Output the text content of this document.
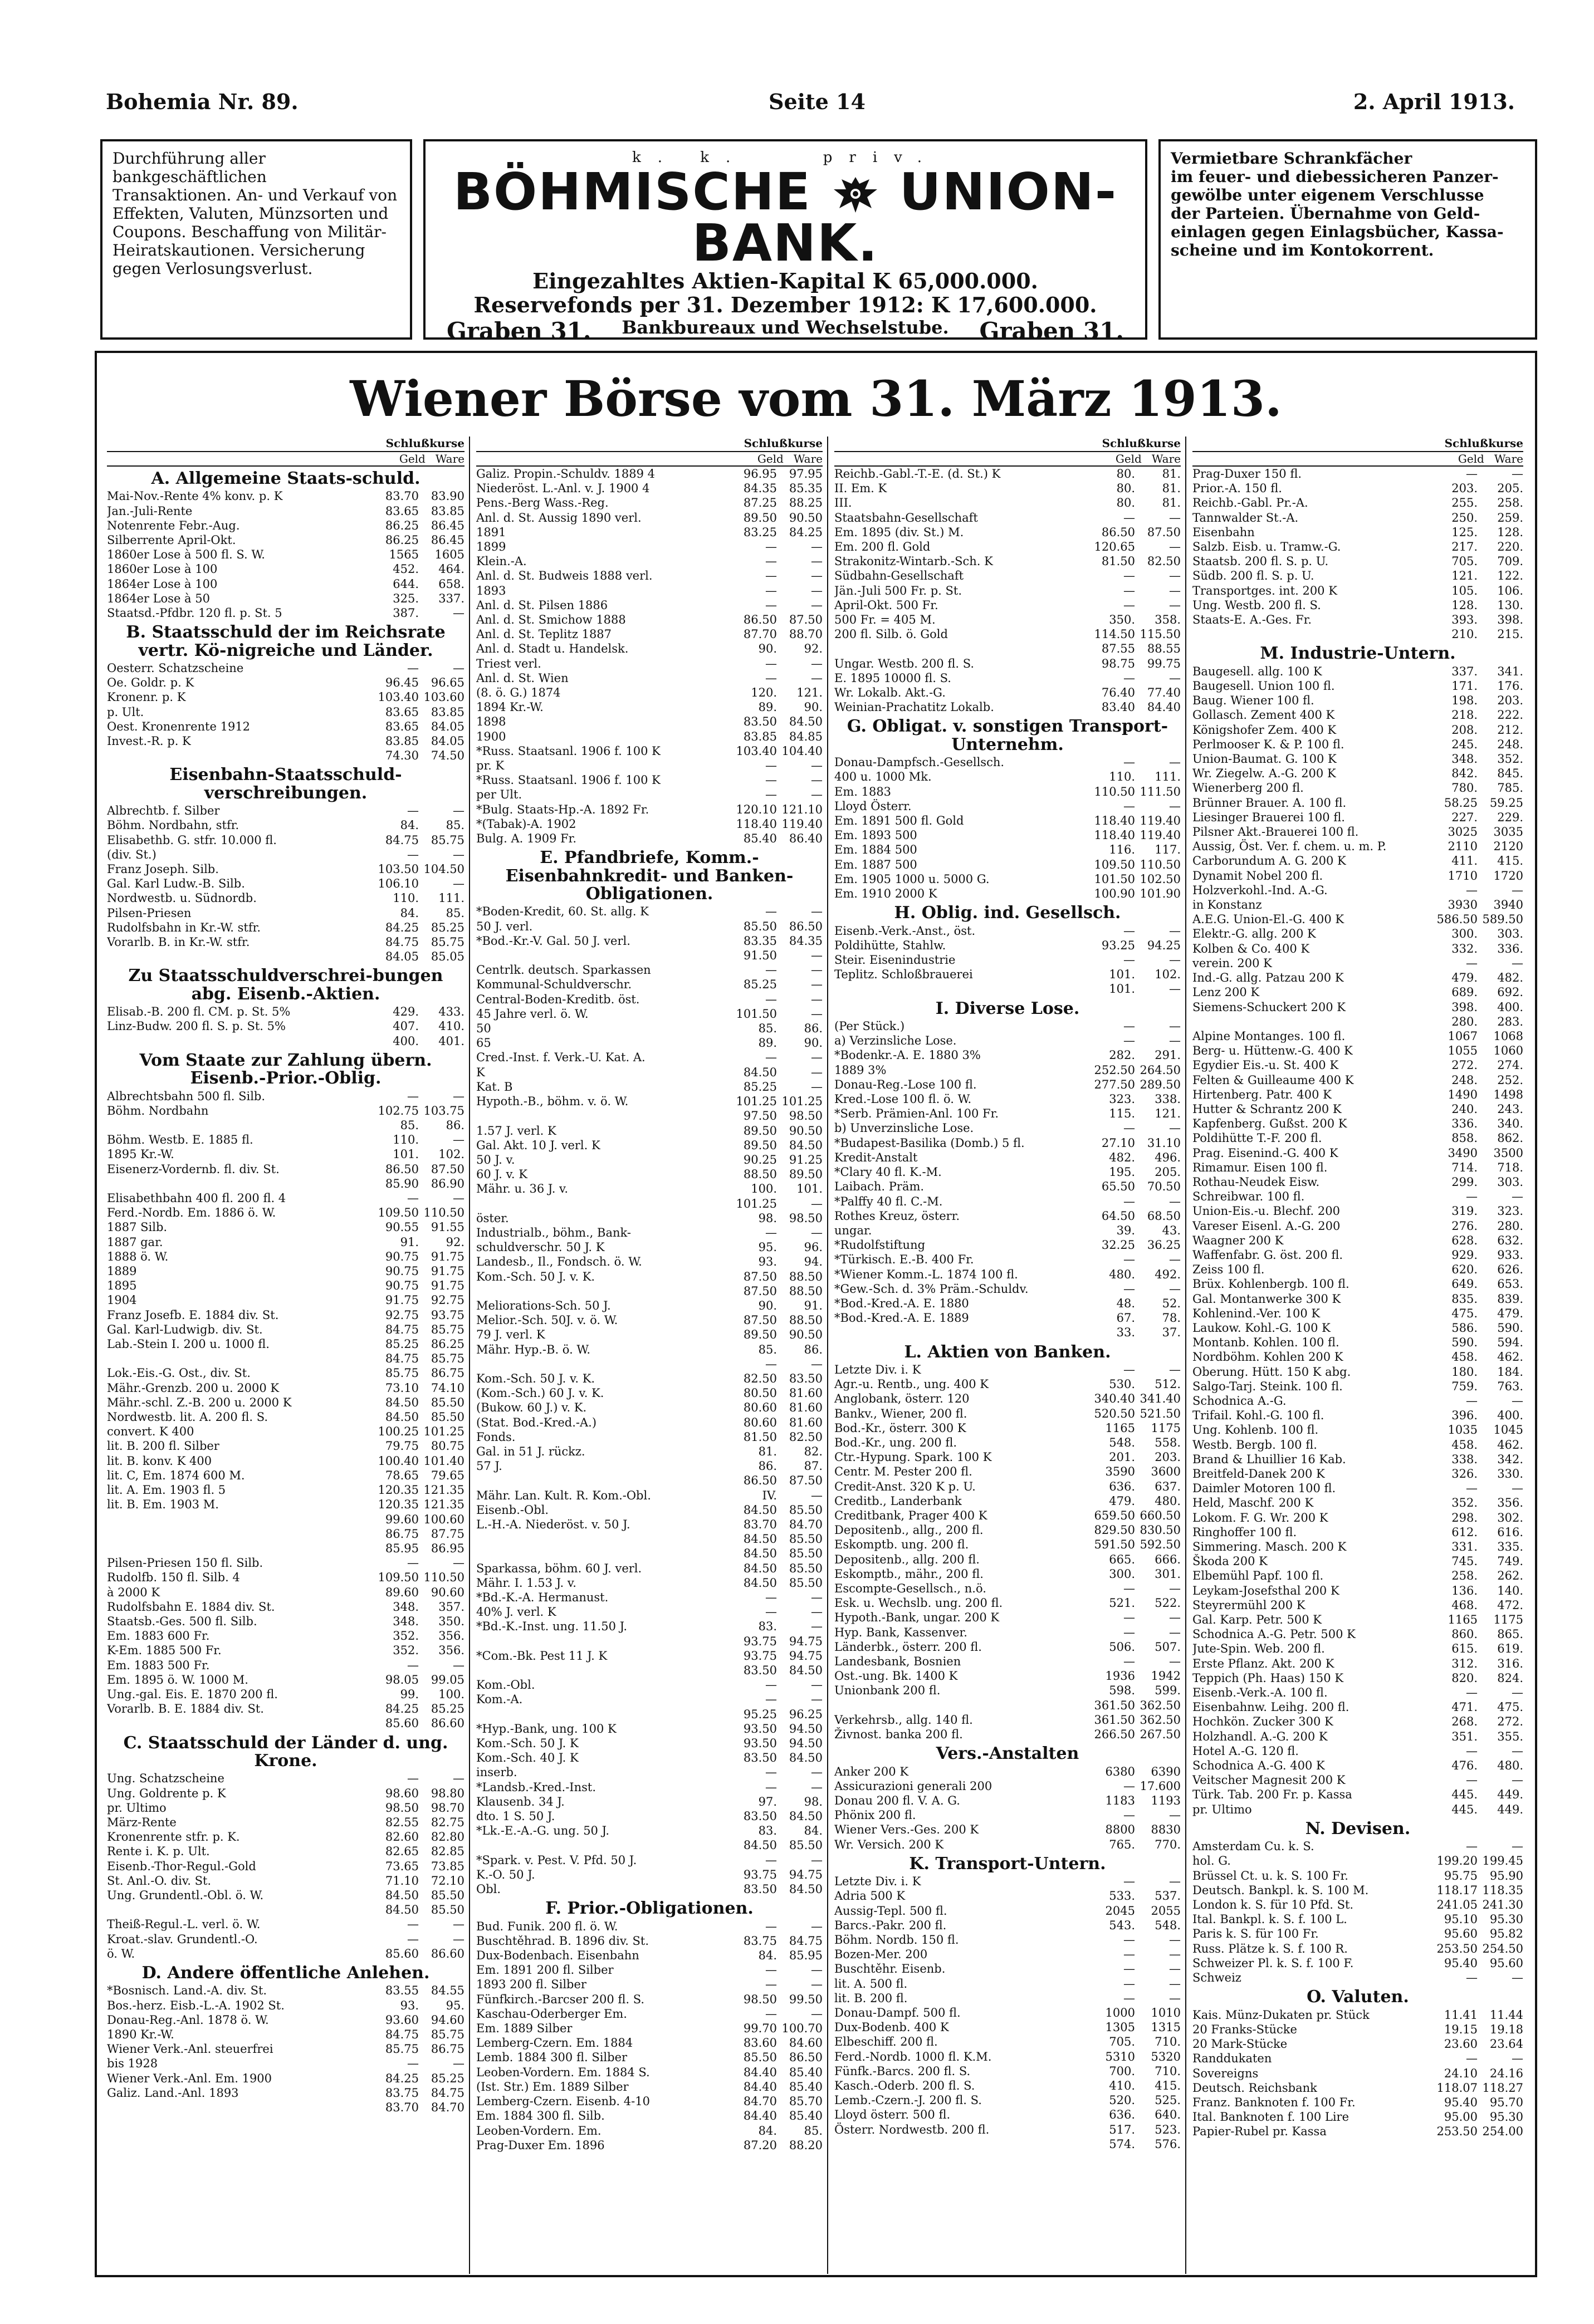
Bohemia Nr. 89.	Seite 14	2. April 1913.
Durchführung aller bankgeschäftlichen
Transaktionen. An- und Verkauf von
Effekten, Valuten, Münzsorten und
Coupons. Beschaffung von Militär-
Heiratskautionen. Versicherung
gegen Verlosungsverlust.
k. k.	priv.
BÖHMISCHE UNION-BANK.
Eingezahltes Aktien-Kapital K 65,000.000.
Reservefonds per 31. Dezember 1912: K 17,600.000.
Graben 31. Bankbureaux und Wechselstube. Graben 31.
Vermietbare Schrankfächer
im feuer- und diebessicheren Panzer-
gewölbe unter eigenem Verschlusse
der Parteien. Übernahme von Geld-
einlagen gegen Einlagsbücher, Kassa-
scheine und im Kontokorrent.
Wiener Börse vom 31. März 1913.
Schlußkurse
Geld Ware
A. Allgemeine Staats-schuld.
Mai-Nov.-Rente 4% konv. p. K	83.70	83.90
Jan.-Juli-Rente	83.65	83.85
Notenrente Febr.-Aug.	86.25	86.45
Silberrente April-Okt.	86.25	86.45
1860er Lose à 500 fl. S. W.	1565	1605
1860er Lose à 100	452.	464.
1864er Lose à 100	644.	658.
1864er Lose à 50	325.	337.
Staatsd.-Pfdbr. 120 fl. p. St. 5	387.	—
B. Staatsschuld der im Reichsrate vertr. Kö-nigreiche und Länder.
Oesterr. Schatzscheine	—	—
Oe. Goldr. p. K	96.45	96.65
Kronenr. p. K	103.40 103.60
p. Ult.	83.65	83.85
Oest. Kronenrente 1912	83.65	84.05
Invest.-R. p. K	83.85	84.05
74.30	74.50
Eisenbahn-Staatsschuld-verschreibungen.
Albrechtb. f. Silber	—	—
Böhm. Nordbahn, stfr.	84.	85.
Elisabethb. G. stfr. 10.000 fl.	84.75	85.75
(div. St.)	—	—
Franz Joseph. Silb.	103.50 104.50
Gal. Karl Ludw.-B. Silb.	106.10	—
Nordwestb. u. Südnordb.	110.	111.
Pilsen-Priesen	84.	85.
Rudolfsbahn in Kr.-W. stfr.	84.25	85.25
Vorarlb. B. in Kr.-W. stfr.	84.75	85.75
84.05	85.05
Zu Staatsschuldverschrei-bungen abg. Eisenb.-Aktien.
Elisab.-B. 200 fl. CM. p. St. 5%	429.	433.
Linz-Budw. 200 fl. S. p. St. 5%	407.	410.
400.	401.
Vom Staate zur Zahlung übern. Eisenb.-Prior.-Oblig.
Albrechtsbahn 500 fl. Silb.	—	—
Böhm. Nordbahn	102.75 103.75
85.	86.
Böhm. Westb. E. 1885 fl.	110.	—
1895 Kr.-W.	101.	102.
Eisenerz-Vordernb. fl. div. St.	86.50	87.50
85.90	86.90
Elisabethbahn 400 fl. 200 fl. 4	—	—
Ferd.-Nordb. Em. 1886 ö. W.	109.50 110.50
1887 Silb.	90.55	91.55
1887 gar.	91.	92.
1888 ö. W.	90.75	91.75
1889	90.75	91.75
1895	90.75	91.75
1904	91.75	92.75
Franz Josefb. E. 1884 div. St.	92.75	93.75
Gal. Karl-Ludwigb. div. St.	84.75	85.75
Lab.-Stein I. 200 u. 1000 fl.	85.25	86.25
84.75	85.75
Lok.-Eis.-G. Ost., div. St.	85.75	86.75
Mähr.-Grenzb. 200 u. 2000 K	73.10	74.10
Mähr.-schl. Z.-B. 200 u. 2000 K	84.50	85.50
Nordwestb. lit. A. 200 fl. S.	84.50	85.50
convert. K 400	100.25 101.25
lit. B. 200 fl. Silber	79.75	80.75
lit. B. konv. K 400	100.40 101.40
lit. C, Em. 1874 600 M.	78.65	79.65
lit. A. Em. 1903 fl. 5	120.35 121.35
lit. B. Em. 1903 M.	120.35 121.35
99.60 100.60
86.75	87.75
85.95	86.95
Pilsen-Priesen 150 fl. Silb.	—	—
Rudolfb. 150 fl. Silb. 4	109.50 110.50
à 2000 K	89.60	90.60
Rudolfsbahn E. 1884 div. St.	348.	357.
Staatsb.-Ges. 500 fl. Silb.	348.	350.
Em. 1883 600 Fr.	352.	356.
K-Em. 1885 500 Fr.	352.	356.
Em. 1883 500 Fr.	—	—
Em. 1895 ö. W. 1000 M.	98.05	99.05
Ung.-gal. Eis. E. 1870 200 fl.	99.	100.
Vorarlb. B. E. 1884 div. St.	84.25	85.25
85.60	86.60
C. Staatsschuld der Länder d. ung. Krone.
Ung. Schatzscheine	—	—
Ung. Goldrente p. K	98.60	98.80
pr. Ultimo	98.50	98.70
März-Rente	82.55	82.75
Kronenrente stfr. p. K.	82.60	82.80
Rente i. K. p. Ult.	82.65	82.85
Eisenb.-Thor-Regul.-Gold	73.65	73.85
St. Anl.-O. div. St.	71.10	72.10
Ung. Grundentl.-Obl. ö. W.	84.50	85.50
84.50	85.50
Theiß-Regul.-L. verl. ö. W.	—	—
Kroat.-slav. Grundentl.-O.	—	—
ö. W.	85.60	86.60
D. Andere öffentliche Anlehen.
*Bosnisch. Land.-A. div. St.	83.55	84.55
Bos.-herz. Eisb.-L.-A. 1902 St.	93.	95.
Donau-Reg.-Anl. 1878 ö. W.	93.60	94.60
1890 Kr.-W.	84.75	85.75
Wiener Verk.-Anl. steuerfrei	85.75	86.75
bis 1928	—	—
Wiener Verk.-Anl. Em. 1900	84.25	85.25
Galiz. Land.-Anl. 1893	83.75	84.75
83.70	84.70
Schlußkurse
Geld Ware
Galiz. Propin.-Schuldv. 1889 4	96.95	97.95
Niederöst. L.-Anl. v. J. 1900 4	84.35	85.35
Pens.-Berg Wass.-Reg.	87.25	88.25
Anl. d. St. Aussig 1890 verl.	89.50	90.50
1891	83.25	84.25
1899	—	—
Klein.-A.	—	—
Anl. d. St. Budweis 1888 verl.	—	—
1893	—	—
Anl. d. St. Pilsen 1886	—	—
Anl. d. St. Smichow 1888	86.50	87.50
Anl. d. St. Teplitz 1887	87.70	88.70
Anl. d. Stadt u. Handelsk.	90.	92.
Triest verl.	—	—
Anl. d. St. Wien	—	—
(8. ö. G.) 1874	120.	121.
1894 Kr.-W.	89.	90.
1898	83.50	84.50
1900	83.85	84.85
*Russ. Staatsanl. 1906 f. 100 K	103.40 104.40
pr. K	—	—
*Russ. Staatsanl. 1906 f. 100 K	—	—
per Ult.	—	—
*Bulg. Staats-Hp.-A. 1892 Fr.	120.10 121.10
*(Tabak)-A. 1902	118.40 119.40
Bulg. A. 1909 Fr.	85.40	86.40
E. Pfandbriefe, Komm.-Eisenbahnkredit- und Banken-Obligationen.
*Boden-Kredit, 60. St. allg. K	—	—
50 J. verl.	85.50	86.50
*Bod.-Kr.-V. Gal. 50 J. verl.	83.35	84.35
91.50	—
Centrlk. deutsch. Sparkassen	—	—
Kommunal-Schuldverschr.	85.25	—
Central-Boden-Kreditb. öst.	—	—
45 Jahre verl. ö. W.	101.50	—
50	85.	86.
65	89.	90.
Cred.-Inst. f. Verk.-U. Kat. A.	—	—
K	84.50	—
Kat. B	85.25	—
Hypoth.-B., böhm. v. ö. W.	101.25 101.25
97.50	98.50
1.57 J. verl. K	89.50	90.50
Gal. Akt. 10 J. verl. K	89.50	84.50
50 J. v.	90.25	91.25
60 J. v. K	88.50	89.50
Mähr. u. 36 J. v.	100.	101.
101.25	—
öster.	98.	98.50
Industrialb., böhm., Bank-	—	—
schuldverschr. 50 J. K	95.	96.
Landesb., Il., Fondsch. ö. W.	93.	94.
Kom.-Sch. 50 J. v. K.	87.50	88.50
87.50	88.50
Meliorations-Sch. 50 J.	90.	91.
Melior.-Sch. 50J. v. ö. W.	87.50	88.50
79 J. verl. K	89.50	90.50
Mähr. Hyp.-B. ö. W.	85.	86.
—	—
Kom.-Sch. 50 J. v. K.	82.50	83.50
(Kom.-Sch.) 60 J. v. K.	80.50	81.60
(Bukow. 60 J.) v. K.	80.60	81.60
(Stat. Bod.-Kred.-A.)	80.60	81.60
Fonds.	81.50	82.50
Gal. in 51 J. rückz.	81.	82.
57 J.	86.	87.
86.50	87.50
Mähr. Lan. Kult. R. Kom.-Obl.	IV.	—
Eisenb.-Obl.	84.50	85.50
L.-H.-A. Niederöst. v. 50 J.	83.70	84.70
84.50	85.50
84.50	85.50
Sparkassa, böhm. 60 J. verl.	84.50	85.50
Mähr. I. 1.53 J. v.	84.50	85.50
*Bd.-K.-A. Hermanust.	—	—
40% J. verl. K	—	—
*Bd.-K.-Inst. ung. 11.50 J.	83.	—
93.75	94.75
*Com.-Bk. Pest 11 J. K	93.75	94.75
83.50	84.50
Kom.-Obl.	—	—
Kom.-A.	—	—
95.25	96.25
*Hyp.-Bank, ung. 100 K	93.50	94.50
Kom.-Sch. 50 J. K	93.50	94.50
Kom.-Sch. 40 J. K	83.50	84.50
inserb.	—	—
*Landsb.-Kred.-Inst.	—	—
Klausenb. 34 J.	97.	98.
dto. 1 S. 50 J.	83.50	84.50
*Lk.-E.-A.-G. ung. 50 J.	83.	84.
84.50	85.50
*Spark. v. Pest. V. Pfd. 50 J.	—	—
K.-O. 50 J.	93.75	94.75
Obl.	83.50	84.50
F. Prior.-Obligationen.
Bud. Funik. 200 fl. ö. W.	—	—
Buschtěhrad. B. 1896 div. St.	83.75	84.75
Dux-Bodenbach. Eisenbahn	84.	85.95
Em. 1891 200 fl. Silber	—	—
1893 200 fl. Silber	—	—
Fünfkirch.-Barcser 200 fl. S.	98.50	99.50
Kaschau-Oderberger Em.	—	—
Em. 1889 Silber	99.70 100.70
Lemberg-Czern. Em. 1884	83.60	84.60
Lemb. 1884 300 fl. Silber	85.50	86.50
Leoben-Vordern. Em. 1884 S.	84.40	85.40
(Ist. Str.) Em. 1889 Silber	84.40	85.40
Lemberg-Czern. Eisenb. 4-10	84.70	85.70
Em. 1884 300 fl. Silb.	84.40	85.40
Leoben-Vordern. Em.	84.	85.
Prag-Duxer Em. 1896	87.20	88.20
Schlußkurse
Geld Ware
Reichb.-Gabl.-T.-E. (d. St.) K	80.	81.
II. Em. K	80.	81.
III.	80.	81.
Staatsbahn-Gesellschaft	—	—
Em. 1895 (div. St.) M.	86.50	87.50
Em. 200 fl. Gold	120.65	—
Strakonitz-Wintarb.-Sch. K	81.50	82.50
Südbahn-Gesellschaft	—	—
Jän.-Juli 500 Fr. p. St.	—	—
April-Okt. 500 Fr.	—	—
500 Fr. = 405 M.	350.	358.
200 fl. Silb. ö. Gold	114.50 115.50
87.55	88.55
Ungar. Westb. 200 fl. S.	98.75	99.75
E. 1895 10000 fl. S.	—	—
Wr. Lokalb. Akt.-G.	76.40	77.40
Weinian-Prachatitz Lokalb.	83.40	84.40
G. Obligat. v. sonstigen Transport-Unternehm.
Donau-Dampfsch.-Gesellsch.	—	—
400 u. 1000 Mk.	110.	111.
Em. 1883	110.50 111.50
Lloyd Österr.	—	—
Em. 1891 500 fl. Gold	118.40 119.40
Em. 1893 500	118.40 119.40
Em. 1884 500	116.	117.
Em. 1887 500	109.50 110.50
Em. 1905 1000 u. 5000 G.	101.50 102.50
Em. 1910 2000 K	100.90 101.90
H. Oblig. ind. Gesellsch.
Eisenb.-Verk.-Anst., öst.	—	—
Poldihütte, Stahlw.	93.25	94.25
Steir. Eisenindustrie	—	—
Teplitz. Schloßbrauerei	101.	102.
101.	—
I. Diverse Lose.
(Per Stück.)	—	—
a) Verzinsliche Lose.	—	—
*Bodenkr.-A. E. 1880 3%	282.	291.
1889 3%	252.50 264.50
Donau-Reg.-Lose 100 fl.	277.50 289.50
Kred.-Lose 100 fl. ö. W.	323.	338.
*Serb. Prämien-Anl. 100 Fr.	115.	121.
b) Unverzinsliche Lose.	—	—
*Budapest-Basilika (Domb.) 5 fl.	27.10	31.10
Kredit-Anstalt	482.	496.
*Clary 40 fl. K.-M.	195.	205.
Laibach. Präm.	65.50	70.50
*Palffy 40 fl. C.-M.	—	—
Rothes Kreuz, österr.	64.50	68.50
ungar.	39.	43.
*Rudolfstiftung	32.25	36.25
*Türkisch. E.-B. 400 Fr.	—	—
*Wiener Komm.-L. 1874 100 fl.	480.	492.
*Gew.-Sch. d. 3% Präm.-Schuldv.	—	—
*Bod.-Kred.-A. E. 1880	48.	52.
*Bod.-Kred.-A. E. 1889	67.	78.
33.	37.
L. Aktien von Banken.
Letzte Div. i. K	—	—
Agr.-u. Rentb., ung. 400 K	530.	512.
Anglobank, österr. 120	340.40 341.40
Bankv., Wiener, 200 fl.	520.50 521.50
Bod.-Kr., österr. 300 K	1165	1175
Bod.-Kr., ung. 200 fl.	548.	558.
Ctr.-Hypung. Spark. 100 K	201.	203.
Centr. M. Pester 200 fl.	3590	3600
Credit-Anst. 320 K p. U.	636.	637.
Creditb., Landerbank	479.	480.
Creditbank, Prager 400 K	659.50 660.50
Depositenb., allg., 200 fl.	829.50 830.50
Eskomptb. ung. 200 fl.	591.50 592.50
Depositenb., allg. 200 fl.	665.	666.
Eskomptb., mähr., 200 fl.	300.	301.
Escompte-Gesellsch., n.ö.	—	—
Esk. u. Wechslb. ung. 200 fl.	521.	522.
Hypoth.-Bank, ungar. 200 K	—	—
Hyp. Bank, Kassenver.	—	—
Länderbk., österr. 200 fl.	506.	507.
Landesbank, Bosnien	—	—
Ost.-ung. Bk. 1400 K	1936	1942
Unionbank 200 fl.	598.	599.
361.50 362.50
Verkehrsb., allg. 140 fl.	361.50 362.50
Živnost. banka 200 fl.	266.50 267.50
Vers.-Anstalten
Anker 200 K	6380	6390
Assicurazioni generali 200	— 17.600
Donau 200 fl. V. A. G.	1183	1193
Phönix 200 fl.	—	—
Wiener Vers.-Ges. 200 K	8800	8830
Wr. Versich. 200 K	765.	770.
K. Transport-Untern.
Letzte Div. i. K	—	—
Adria 500 K	533.	537.
Aussig-Tepl. 500 fl.	2045	2055
Barcs.-Pakr. 200 fl.	543.	548.
Böhm. Nordb. 150 fl.	—	—
Bozen-Mer. 200	—	—
Buschtěhr. Eisenb.	—	—
lit. A. 500 fl.	—	—
lit. B. 200 fl.	—	—
Donau-Dampf. 500 fl.	1000	1010
Dux-Bodenb. 400 K	1305	1315
Elbeschiff. 200 fl.	705.	710.
Ferd.-Nordb. 1000 fl. K.M.	5310	5320
Fünfk.-Barcs. 200 fl. S.	700.	710.
Kasch.-Oderb. 200 fl. S.	410.	415.
Lemb.-Czern.-J. 200 fl. S.	520.	525.
Lloyd österr. 500 fl.	636.	640.
Österr. Nordwestb. 200 fl.	517.	523.
574.	576.
Schlußkurse
Geld Ware
Prag-Duxer 150 fl.	—	—
Prior.-A. 150 fl.	203.	205.
Reichb.-Gabl. Pr.-A.	255.	258.
Tannwalder St.-A.	250.	259.
Eisenbahn	125.	128.
Salzb. Eisb. u. Tramw.-G.	217.	220.
Staatsb. 200 fl. S. p. U.	705.	709.
Südb. 200 fl. S. p. U.	121.	122.
Transportges. int. 200 K	105.	106.
Ung. Westb. 200 fl. S.	128.	130.
Staats-E. A.-Ges. Fr.	393.	398.
210.	215.
M. Industrie-Untern.
Baugesell. allg. 100 K	337.	341.
Baugesell. Union 100 fl.	171.	176.
Baug. Wiener 100 fl.	198.	203.
Gollasch. Zement 400 K	218.	222.
Königshofer Zem. 400 K	208.	212.
Perlmooser K. & P. 100 fl.	245.	248.
Union-Baumat. G. 100 K	348.	352.
Wr. Ziegelw. A.-G. 200 K	842.	845.
Wienerberg 200 fl.	780.	785.
Brünner Brauer. A. 100 fl.	58.25	59.25
Liesinger Brauerei 100 fl.	227.	229.
Pilsner Akt.-Brauerei 100 fl.	3025	3035
Aussig, Öst. Ver. f. chem. u. m. P.	2110	2120
Carborundum A. G. 200 K	411.	415.
Dynamit Nobel 200 fl.	1710	1720
Holzverkohl.-Ind. A.-G.	—	—
in Konstanz	3930	3940
A.E.G. Union-El.-G. 400 K	586.50 589.50
Elektr.-G. allg. 200 K	300.	303.
Kolben & Co. 400 K	332.	336.
verein. 200 K	—	—
Ind.-G. allg. Patzau 200 K	479.	482.
Lenz 200 K	689.	692.
Siemens-Schuckert 200 K	398.	400.
280.	283.
Alpine Montanges. 100 fl.	1067	1068
Berg- u. Hüttenw.-G. 400 K	1055	1060
Egydier Eis.-u. St. 400 K	272.	274.
Felten & Guilleaume 400 K	248.	252.
Hirtenberg. Patr. 400 K	1490	1498
Hutter & Schrantz 200 K	240.	243.
Kapfenberg. Gußst. 200 K	336.	340.
Poldihütte T.-F. 200 fl.	858.	862.
Prag. Eisenind.-G. 400 K	3490	3500
Rimamur. Eisen 100 fl.	714.	718.
Rothau-Neudek Eisw.	299.	303.
Schreibwar. 100 fl.	—	—
Union-Eis.-u. Blechf. 200	319.	323.
Vareser Eisenl. A.-G. 200	276.	280.
Waagner 200 K	628.	632.
Waffenfabr. G. öst. 200 fl.	929.	933.
Zeiss 100 fl.	620.	626.
Brüx. Kohlenbergb. 100 fl.	649.	653.
Gal. Montanwerke 300 K	835.	839.
Kohlenind.-Ver. 100 K	475.	479.
Laukow. Kohl.-G. 100 K	586.	590.
Montanb. Kohlen. 100 fl.	590.	594.
Nordböhm. Kohlen 200 K	458.	462.
Oberung. Hütt. 150 K abg.	180.	184.
Salgo-Tarj. Steink. 100 fl.	759.	763.
Schodnica A.-G.	—	—
Trifail. Kohl.-G. 100 fl.	396.	400.
Ung. Kohlenb. 100 fl.	1035	1045
Westb. Bergb. 100 fl.	458.	462.
Brand & Lhuillier 16 Kab.	338.	342.
Breitfeld-Danek 200 K	326.	330.
Daimler Motoren 100 fl.	—	—
Held, Maschf. 200 K	352.	356.
Lokom. F. G. Wr. 200 K	298.	302.
Ringhoffer 100 fl.	612.	616.
Simmering. Masch. 200 K	331.	335.
Škoda 200 K	745.	749.
Elbemühl Papf. 100 fl.	258.	262.
Leykam-Josefsthal 200 K	136.	140.
Steyrermühl 200 K	468.	472.
Gal. Karp. Petr. 500 K	1165	1175
Schodnica A.-G. Petr. 500 K	860.	865.
Jute-Spin. Web. 200 fl.	615.	619.
Erste Pflanz. Akt. 200 K	312.	316.
Teppich (Ph. Haas) 150 K	820.	824.
Eisenb.-Verk.-A. 100 fl.	—	—
Eisenbahnw. Leihg. 200 fl.	471.	475.
Hochkön. Zucker 300 K	268.	272.
Holzhandl. A.-G. 200 K	351.	355.
Hotel A.-G. 120 fl.	—	—
Schodnica A.-G. 400 K	476.	480.
Veitscher Magnesit 200 K	—	—
Türk. Tab. 200 Fr. p. Kassa	445.	449.
pr. Ultimo	445.	449.
N. Devisen.
Amsterdam Cu. k. S.	—	—
hol. G.	199.20 199.45
Brüssel Ct. u. k. S. 100 Fr.	95.75	95.90
Deutsch. Bankpl. k. S. 100 M.	118.17 118.35
London k. S. für 10 Pfd. St.	241.05 241.30
Ital. Bankpl. k. S. f. 100 L.	95.10	95.30
Paris k. S. für 100 Fr.	95.60	95.82
Russ. Plätze k. S. f. 100 R.	253.50 254.50
Schweizer Pl. k. S. f. 100 F.	95.40	95.60
Schweiz	—	—
O. Valuten.
Kais. Münz-Dukaten pr. Stück	11.41	11.44
20 Franks-Stücke	19.15	19.18
20 Mark-Stücke	23.60	23.64
Randdukaten	—	—
Sovereigns	24.10	24.16
Deutsch. Reichsbank	118.07 118.27
Franz. Banknoten f. 100 Fr.	95.40	95.70
Ital. Banknoten f. 100 Lire	95.00	95.30
Papier-Rubel pr. Kassa	253.50 254.00
